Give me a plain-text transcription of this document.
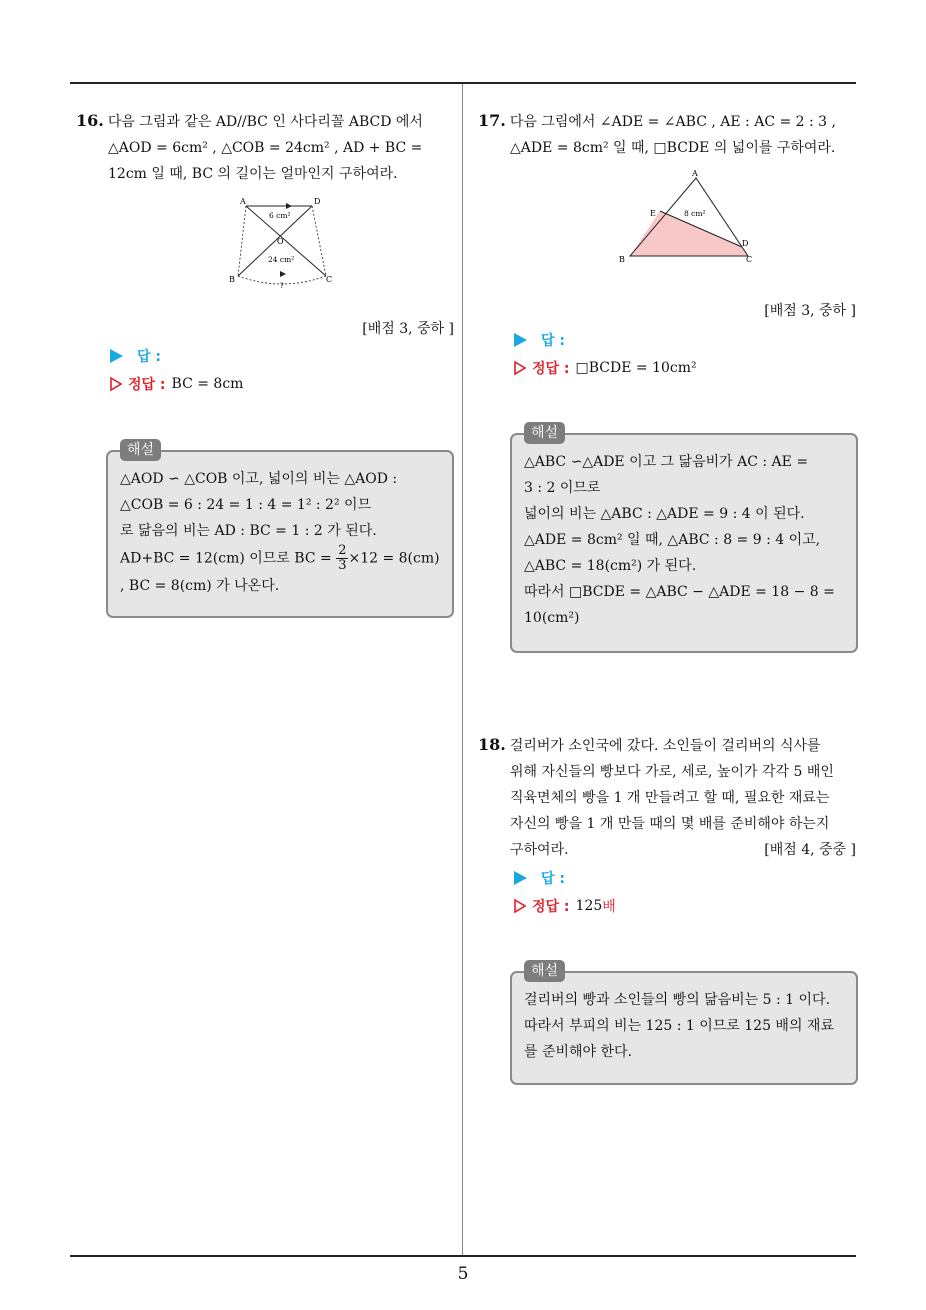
5
16. 다음 그림과 같은 AD//BC 인 사다리꼴 ABCD 에서
△AOD = 6cm² , △COB = 24cm² , AD + BC =
12cm 일 때, BC 의 길이는 얼마인지 구하여라.
A	D
B	C
O
6 cm²
24 cm²
?
[배점 3, 중하 ]
답 :
정답 : BC = 8cm
해설
△AOD ∽ △COB 이고, 넓이의 비는 △AOD :
△COB = 6 : 24 = 1 : 4 = 1² : 2² 이므
로 닮음의 비는 AD : BC = 1 : 2 가 된다.
AD+BC = 12(cm) 이므로 BC = $\frac{2}{3} \times 12 = 8(cm)$
, BC = 8(cm) 가 나온다.
17. 다음 그림에서 ∠ADE = ∠ABC , AE : AC = 2 : 3 ,
△ADE = 8cm² 일 때, □BCDE 의 넓이를 구하여라.
A
E
D
B	C
8 cm²
[배점 3, 중하 ]
답 :
정답 : □BCDE = 10cm²
해설
△ABC ∽△ADE 이고 그 닮음비가 AC : AE =
3 : 2 이므로
넓이의 비는 △ABC : △ADE = 9 : 4 이 된다.
△ADE = 8cm² 일 때, △ABC : 8 = 9 : 4 이고,
△ABC = 18(cm²) 가 된다.
따라서 □BCDE = △ABC − △ADE = 18 − 8 =
10(cm²)
18. 걸리버가 소인국에 갔다. 소인들이 걸리버의 식사를
위해 자신들의 빵보다 가로, 세로, 높이가 각각 5 배인
직육면체의 빵을 1 개 만들려고 할 때, 필요한 재료는
자신의 빵을 1 개 만들 때의 몇 배를 준비해야 하는지
구하여라.	[배점 4, 중중 ]
답 :
정답 : 125 배
해설
걸리버의 빵과 소인들의 빵의 닮음비는 5 : 1 이다.
따라서 부피의 비는 125 : 1 이므로 125 배의 재료
를 준비해야 한다.
